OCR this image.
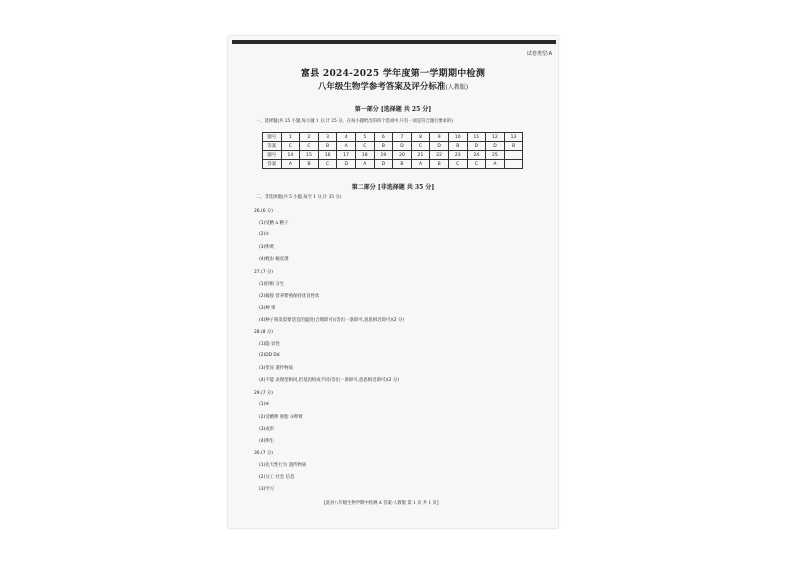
试卷类型:A
富县 2024-2025 学年度第一学期期中检测
八年级生物学参考答案及评分标准(人教版)
第一部分 [选择题 共 25 分]
一、选择题(共 25 小题,每小题 1 分,计 25 分。在每小题给出的四个选项中,只有一项是符合题目要求的)
题号	1	2	3	4	5	6	7	8	9	10	11	12	13
答案	C	C	B	A	C	B	D	C	D	B	D	D	B
题号	14	15	16	17	18	19	20	21	22	23	24	25	
答案	A	B	C	D	A	D	B	A	B	C	C	A	
第二部分 [非选择题 共 35 分]
二、非选择题(共 5 小题,每空 1 分,计 35 分)
26.(6 分)
(1)受精 a 精子
(2)①
(3)卵黄
(4)蝗虫 蜕皮现
27.(7 分)
(1)胚根 分生
(2)嫁接 营养繁殖保持优良性状
(3)种 果
(4)种子萌发需要适宜的温度(合理即可)(答出一条即可,意思相近即可)(2 分)
28.(8 分)
(1)隐 显性
(2)DD Dd
(3)变异 遗传物质
(4)不能 表现型相同,但基因组成不同(答出一条即可,意思相近即可)(2 分)
29.(7 分)
(1)④
(2)受精卵 胚胎 ③卵黄
(3)成形
(4)卵生
30.(7 分)
(1)先天性行为 遗传物质
(2)分工 社会 信息
(3)学习
[富县八年级生物学期中检测 A 答案-人教版 第 1 页 共 1 页]
